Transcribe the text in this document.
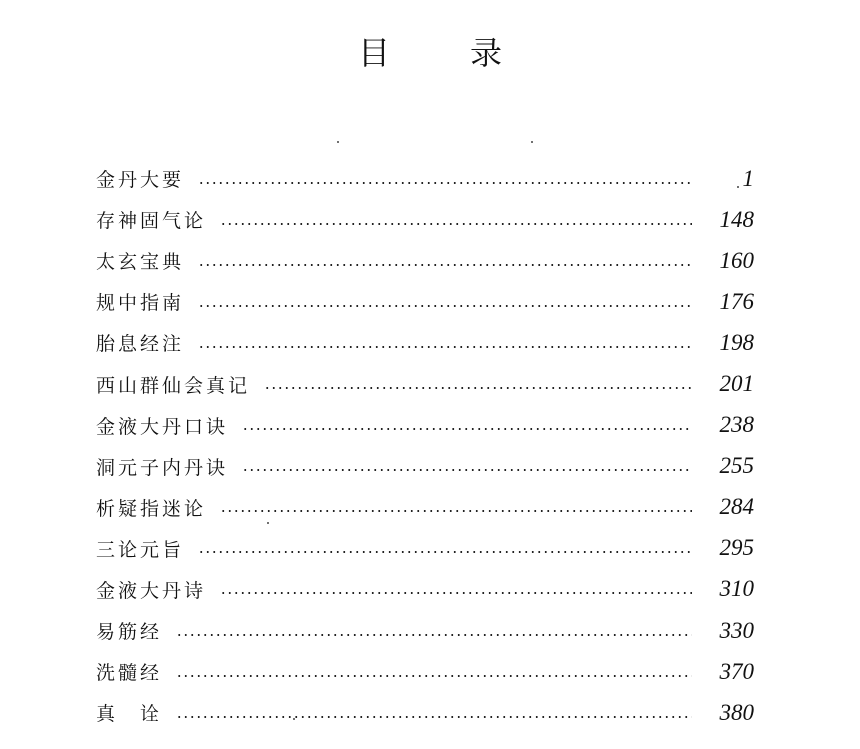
目	录
金丹大要	1
存神固气论	148
太玄宝典	160
规中指南	176
胎息经注	198
西山群仙会真记	201
金液大丹口诀	238
洞元子内丹诀	255
析疑指迷论	284
三论元旨	295
金液大丹诗	310
易筋经	330
洗髓经	370
真　诠	380
